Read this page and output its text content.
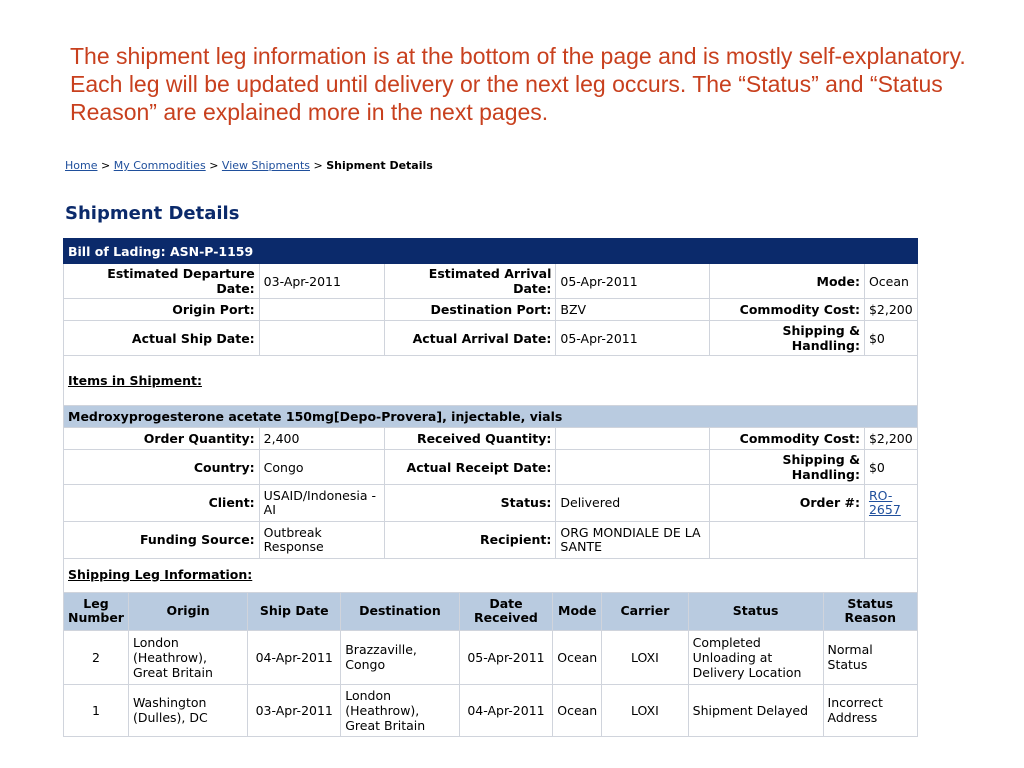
The shipment leg information is at the bottom of the page and is mostly self-explanatory. Each leg will be updated until delivery or the next leg occurs. The “Status” and “Status Reason” are explained more in the next pages.
Home > My Commodities > View Shipments > Shipment Details
Shipment Details
Bill of Lading: ASN-P-1159					
Estimated Departure Date:	03-Apr-2011	Estimated Arrival Date:	05-Apr-2011	Mode:	Ocean
Origin Port:		Destination Port:	BZV	Commodity Cost:	$2,200
Actual Ship Date:		Actual Arrival Date:	05-Apr-2011	Shipping & Handling:	$0
Items in Shipment:					
Medroxyprogesterone acetate 150mg[Depo-Provera], injectable, vials					
Order Quantity:	2,400	Received Quantity:		Commodity Cost:	$2,200
Country:	Congo	Actual Receipt Date:		Shipping & Handling:	$0
Client:	USAID/Indonesia - AI	Status:	Delivered	Order #:	RO-2657
Funding Source:	Outbreak Response	Recipient:	ORG MONDIALE DE LA SANTE		
Shipping Leg Information:								
Leg Number	Origin	Ship Date	Destination	Date Received	Mode	Carrier	Status	Status Reason
2	London (Heathrow), Great Britain	04-Apr-2011	Brazzaville, Congo	05-Apr-2011	Ocean	LOXI	Completed Unloading at Delivery Location	Normal Status
1	Washington (Dulles), DC	03-Apr-2011	London (Heathrow), Great Britain	04-Apr-2011	Ocean	LOXI	Shipment Delayed	Incorrect Address
